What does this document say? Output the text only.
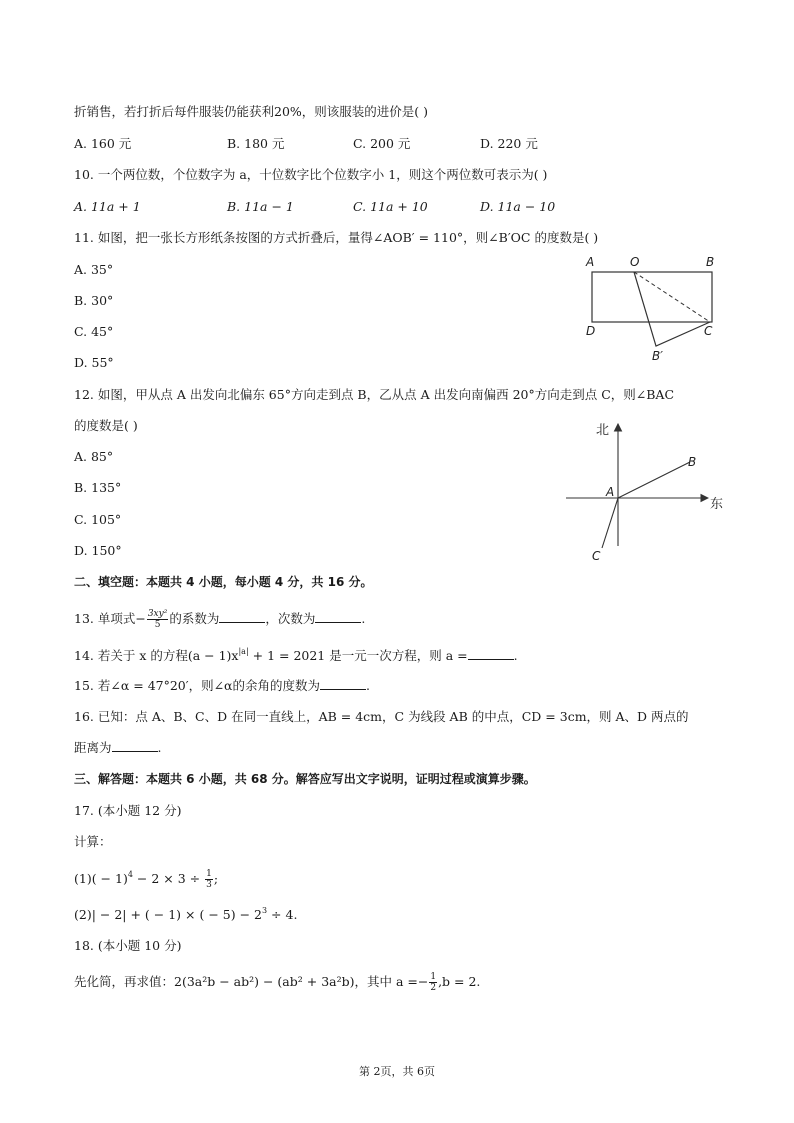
折销售，若打折后每件服装仍能获利20%，则该服装的进价是( )
A. 160 元	B. 180 元	C. 200 元	D. 220 元
10. 一个两位数，个位数字为 a，十位数字比个位数字小 1，则这个两位数可表示为( )
A. 11a + 1	B. 11a − 1	C. 11a + 10	D. 11a − 10
11. 如图，把一张长方形纸条按图的方式折叠后，量得∠AOB′ = 110°，则∠B′OC 的度数是( )
A. 35°
B. 30°
C. 45°
D. 55°
A	O	B
D	C
B′
12. 如图，甲从点 A 出发向北偏东 65°方向走到点 B，乙从点 A 出发向南偏西 20°方向走到点 C，则∠BAC
的度数是( )
A. 85°
B. 135°
C. 105°
D. 150°
北
东
A
B
C
二、填空题：本题共 4 小题，每小题 4 分，共 16 分。
13. 单项式− $\frac{\text{3xy²}}{5}$ 的系数为	，次数为	.
14. 若关于 x 的方程$(a - 1)x^{|a|} + 1 = 2021$ 是一元一次方程，则 a =	.
15. 若∠α = 47°20′，则∠α的余角的度数为	.
16. 已知：点 A、B、C、D 在同一直线上，AB = 4cm，C 为线段 AB 的中点，CD = 3cm，则 A、D 两点的
距离为	.
三、解答题：本题共 6 小题，共 68 分。解答应写出文字说明，证明过程或演算步骤。
17. (本小题 12 分)
计算：
$(1)( - 1)^4 - 2 \times 3 \div \frac{1}{3}$ ;
(2)| − 2| + ( − 1) × ( − $5) - 2^3 \div 4$.
18. (本小题 10 分)
先化简，再求值：2(3a²b − ab²) − (ab² + 3a²b)，其中 $a =- \frac{1}{2} ,b = 2$.
第 2页，共 6页
